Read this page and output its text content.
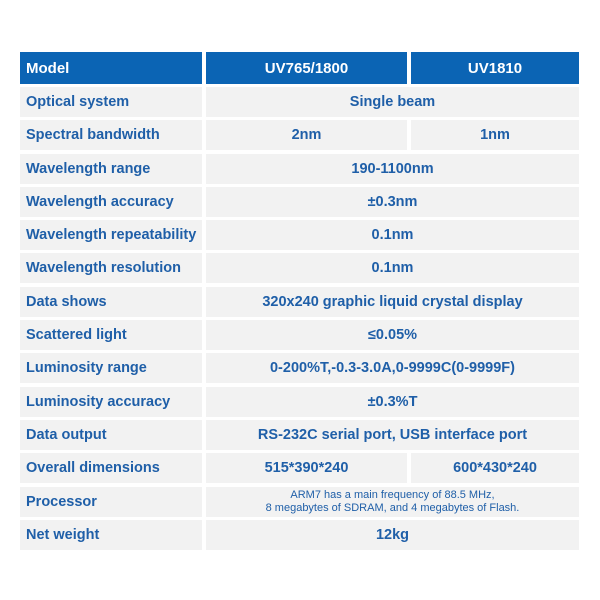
Model	UV765/1800	UV1810
Optical system	Single beam
Spectral bandwidth	2nm	1nm
Wavelength range	190-1100nm
Wavelength accuracy	±0.3nm
Wavelength repeatability	0.1nm
Wavelength resolution	0.1nm
Data shows	320x240 graphic liquid crystal display
Scattered light	≤0.05%
Luminosity range	0-200%T,-0.3-3.0A,0-9999C(0-9999F)
Luminosity accuracy	±0.3%T
Data output	RS-232C serial port, USB interface port
Overall dimensions	515*390*240	600*430*240
Processor	ARM7 has a main frequency of 88.5 MHz,
8 megabytes of SDRAM, and 4 megabytes of Flash.
Net weight	12kg
